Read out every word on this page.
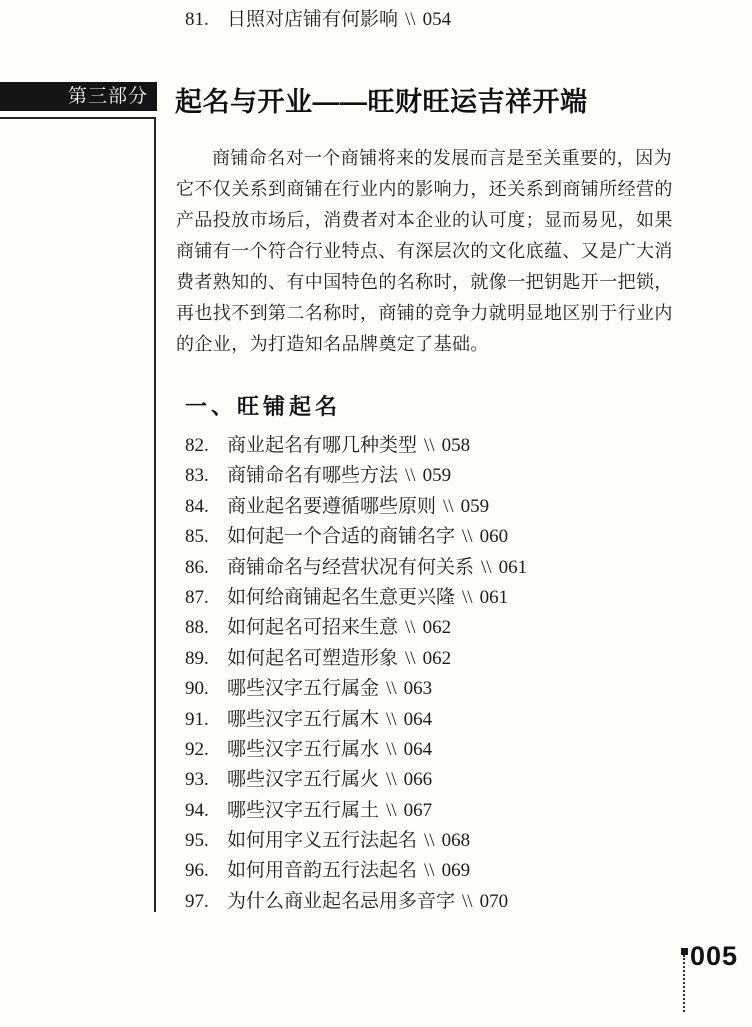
81. 日照对店铺有何影响 \\ 054
第三部分	起名与开业——旺财旺运吉祥开端
商铺命名对一个商铺将来的发展而言是至关重要的，因为
它不仅关系到商铺在行业内的影响力，还关系到商铺所经营的
产品投放市场后，消费者对本企业的认可度；显而易见，如果
商铺有一个符合行业特点、有深层次的文化底蕴、又是广大消
费者熟知的、有中国特色的名称时，就像一把钥匙开一把锁，
再也找不到第二名称时，商铺的竞争力就明显地区别于行业内
的企业，为打造知名品牌奠定了基础。
一、旺铺起名
82. 商业起名有哪几种类型 \\ 058
83. 商铺命名有哪些方法 \\ 059
84. 商业起名要遵循哪些原则 \\ 059
85. 如何起一个合适的商铺名字 \\ 060
86. 商铺命名与经营状况有何关系 \\ 061
87. 如何给商铺起名生意更兴隆 \\ 061
88. 如何起名可招来生意 \\ 062
89. 如何起名可塑造形象 \\ 062
90. 哪些汉字五行属金 \\ 063
91. 哪些汉字五行属木 \\ 064
92. 哪些汉字五行属水 \\ 064
93. 哪些汉字五行属火 \\ 066
94. 哪些汉字五行属土 \\ 067
95. 如何用字义五行法起名 \\ 068
96. 如何用音韵五行法起名 \\ 069
97. 为什么商业起名忌用多音字 \\ 070
005
